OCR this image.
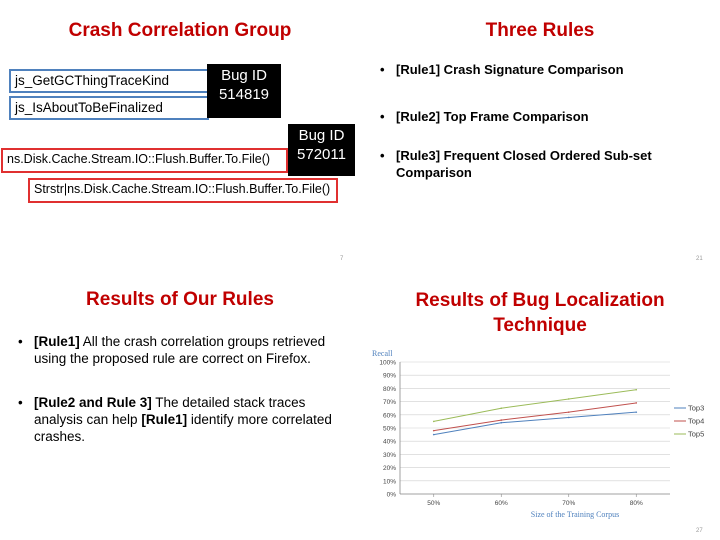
Crash Correlation Group
js_GetGCThingTraceKind
js_IsAboutToBeFinalized
Bug ID
514819
Bug ID
572011
ns.Disk.Cache.Stream.IO::Flush.Buffer.To.File()
Strstr|ns.Disk.Cache.Stream.IO::Flush.Buffer.To.File()
7
Three Rules
• [Rule1] Crash Signature Comparison
• [Rule2] Top Frame Comparison
• [Rule3] Frequent Closed Ordered Sub-set Comparison
21
Results of Our Rules
• [Rule1] All the crash correlation groups retrieved using the proposed rule are correct on Firefox.
• [Rule2 and Rule 3] The detailed stack traces analysis can help [Rule1] identify more correlated crashes.
Results of Bug Localization
Technique
Recall
0%
10%
20%
30%
40%
50%
60%
70%
80%
90%
100%
50%	60%	70%	80%
Size of the Training Corpus
Top3
Top4
Top5
27
